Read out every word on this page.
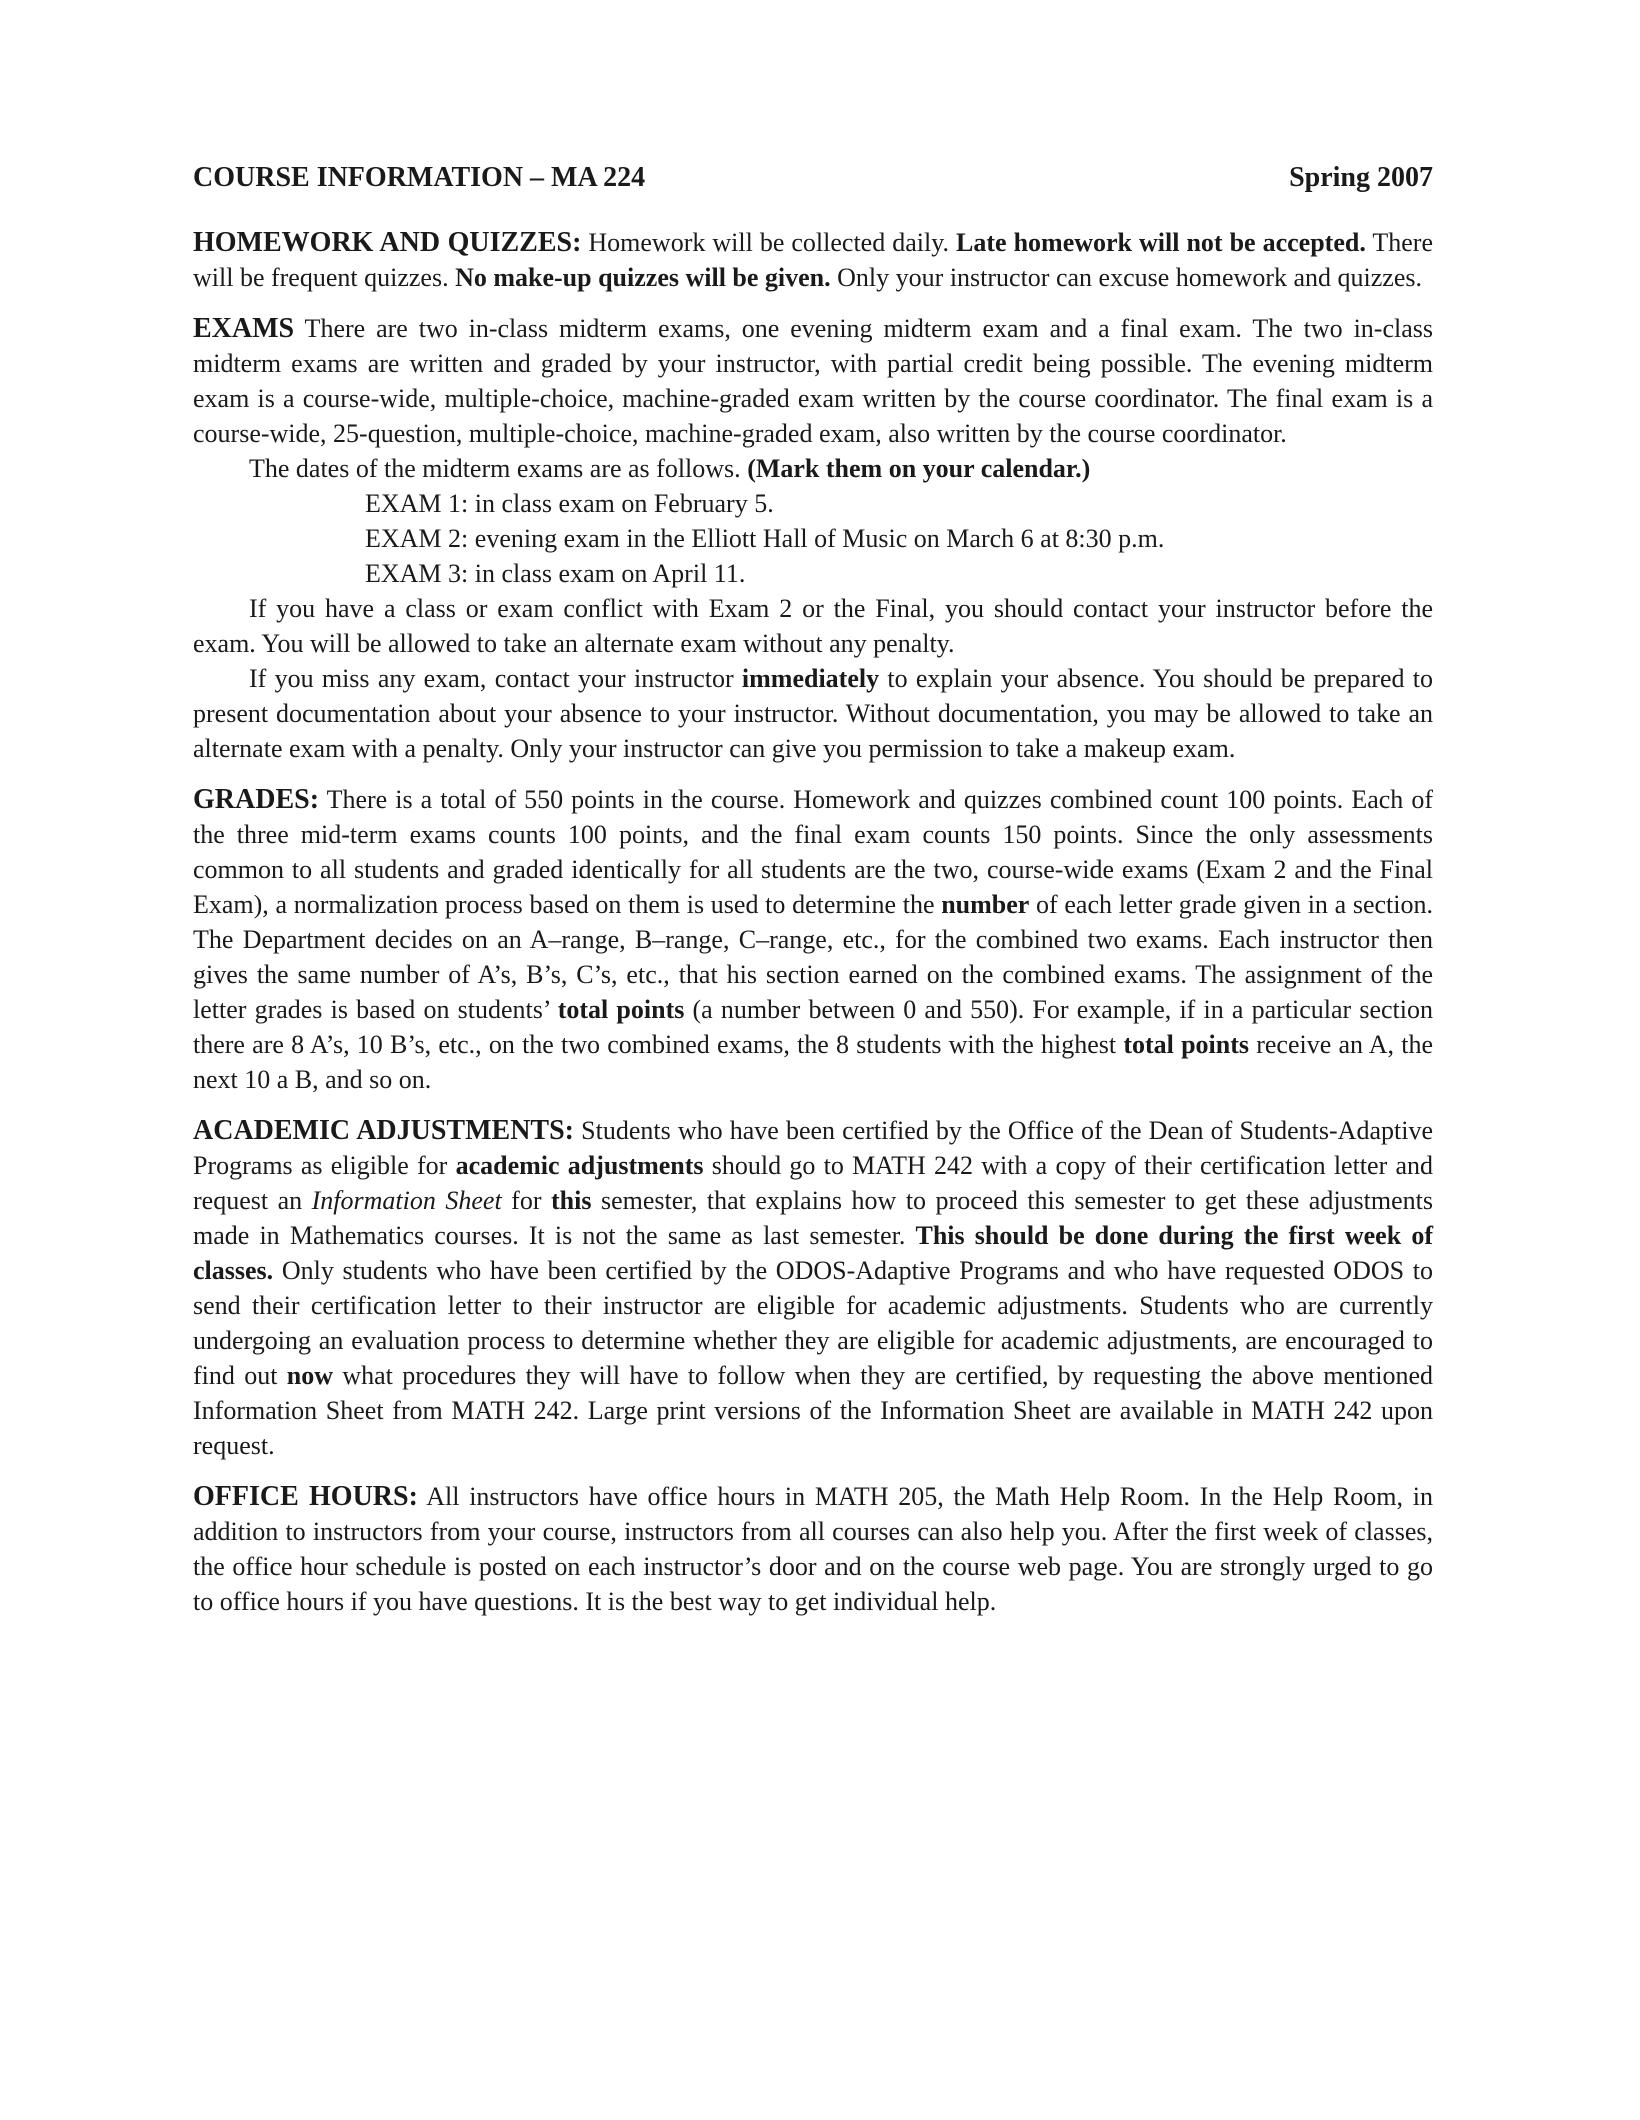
COURSE INFORMATION – MA 224	Spring 2007

HOMEWORK AND QUIZZES: Homework will be collected daily. Late homework will not be accepted. There will be frequent quizzes. No make-up quizzes will be given. Only your instructor can excuse homework and quizzes.

EXAMS There are two in-class midterm exams, one evening midterm exam and a final exam. The two in-class midterm exams are written and graded by your instructor, with partial credit being possible. The evening midterm exam is a course-wide, multiple-choice, machine-graded exam written by the course coordinator. The final exam is a course-wide, 25-question, multiple-choice, machine-graded exam, also written by the course coordinator.

The dates of the midterm exams are as follows. (Mark them on your calendar.)

EXAM 1: in class exam on February 5.
EXAM 2: evening exam in the Elliott Hall of Music on March 6 at 8:30 p.m.
EXAM 3: in class exam on April 11.

If you have a class or exam conflict with Exam 2 or the Final, you should contact your instructor before the exam. You will be allowed to take an alternate exam without any penalty.

If you miss any exam, contact your instructor immediately to explain your absence. You should be prepared to present documentation about your absence to your instructor. Without documentation, you may be allowed to take an alternate exam with a penalty. Only your instructor can give you permission to take a makeup exam.

GRADES: There is a total of 550 points in the course. Homework and quizzes combined count 100 points. Each of the three mid-term exams counts 100 points, and the final exam counts 150 points. Since the only assessments common to all students and graded identically for all students are the two, course-wide exams (Exam 2 and the Final Exam), a normalization process based on them is used to determine the number of each letter grade given in a section. The Department decides on an A–range, B–range, C–range, etc., for the combined two exams. Each instructor then gives the same number of A’s, B’s, C’s, etc., that his section earned on the combined exams. The assignment of the letter grades is based on students’ total points (a number between 0 and 550). For example, if in a particular section there are 8 A’s, 10 B’s, etc., on the two combined exams, the 8 students with the highest total points receive an A, the next 10 a B, and so on.

ACADEMIC ADJUSTMENTS: Students who have been certified by the Office of the Dean of Students-Adaptive Programs as eligible for academic adjustments should go to MATH 242 with a copy of their certification letter and request an Information Sheet for this semester, that explains how to proceed this semester to get these adjustments made in Mathematics courses. It is not the same as last semester. This should be done during the first week of classes. Only students who have been certified by the ODOS-Adaptive Programs and who have requested ODOS to send their certification letter to their instructor are eligible for academic adjustments. Students who are currently undergoing an evaluation process to determine whether they are eligible for academic adjustments, are encouraged to find out now what procedures they will have to follow when they are certified, by requesting the above mentioned Information Sheet from MATH 242. Large print versions of the Information Sheet are available in MATH 242 upon request.

OFFICE HOURS: All instructors have office hours in MATH 205, the Math Help Room. In the Help Room, in addition to instructors from your course, instructors from all courses can also help you. After the first week of classes, the office hour schedule is posted on each instructor’s door and on the course web page. You are strongly urged to go to office hours if you have questions. It is the best way to get individual help.
